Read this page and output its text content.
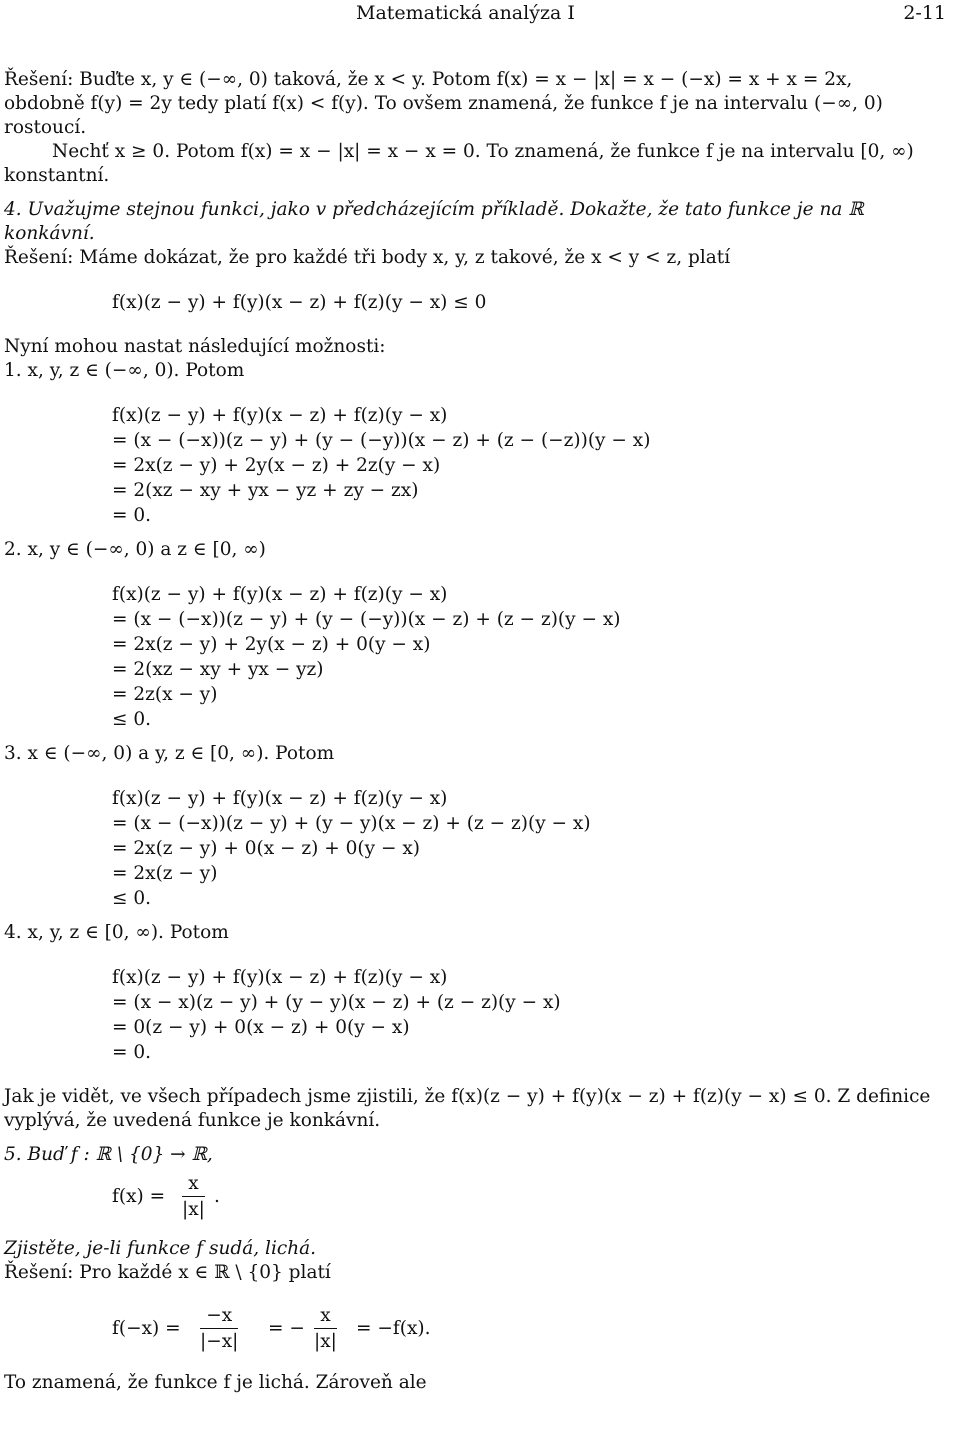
Matematická analýza I	2-11

Řešení: Buďte x, y ∈ (−∞, 0) taková, že x < y. Potom f(x) = x − |x| = x − (−x) = x + x = 2x,

obdobně f(y) = 2y tedy platí f(x) < f(y). To ovšem znamená, že funkce f je na intervalu (−∞, 0)

rostoucí.

Nechť x ≥ 0. Potom f(x) = x − |x| = x − x = 0. To znamená, že funkce f je na intervalu [0, ∞)

konstantní.

4. Uvažujme stejnou funkci, jako v předcházejícím příkladě. Dokažte, že tato funkce je na ℝ konkávní.

Řešení: Máme dokázat, že pro každé tři body x, y, z takové, že x < y < z, platí

f(x)(z − y) + f(y)(x − z) + f(z)(y − x) ≤ 0

Nyní mohou nastat následující možnosti:

1. x, y, z ∈ (−∞, 0). Potom

f(x)(z − y) + f(y)(x − z) + f(z)(y − x)

= (x − (−x))(z − y) + (y − (−y))(x − z) + (z − (−z))(y − x)

= 2x(z − y) + 2y(x − z) + 2z(y − x)

= 2(xz − xy + yx − yz + zy − zx)

= 0.

2. x, y ∈ (−∞, 0) a z ∈ [0, ∞)

f(x)(z − y) + f(y)(x − z) + f(z)(y − x)

= (x − (−x))(z − y) + (y − (−y))(x − z) + (z − z)(y − x)

= 2x(z − y) + 2y(x − z) + 0(y − x)

= 2(xz − xy + yx − yz)

= 2z(x − y)

≤ 0.

3. x ∈ (−∞, 0) a y, z ∈ [0, ∞). Potom

f(x)(z − y) + f(y)(x − z) + f(z)(y − x)

= (x − (−x))(z − y) + (y − y)(x − z) + (z − z)(y − x)

= 2x(z − y) + 0(x − z) + 0(y − x)

= 2x(z − y)

≤ 0.

4. x, y, z ∈ [0, ∞). Potom

f(x)(z − y) + f(y)(x − z) + f(z)(y − x)

= (x − x)(z − y) + (y − y)(x − z) + (z − z)(y − x)

= 0(z − y) + 0(x − z) + 0(y − x)

= 0.

Jak je vidět, ve všech případech jsme zjistili, že f(x)(z − y) + f(y)(x − z) + f(z)(y − x) ≤ 0. Z definice

vyplývá, že uvedená funkce je konkávní.

5. Buď f : ℝ \ {0} → ℝ,

$f(x) = \frac{x}{|x|}$ .

Zjistěte, je-li funkce f sudá, lichá.

Řešení: Pro každé x ∈ ℝ \ {0} platí

$f(-x) = \frac{-x}{|-x|}$ = − $\frac{x}{|x|} = -f(x)$.

To znamená, že funkce f je lichá. Zároveň ale
